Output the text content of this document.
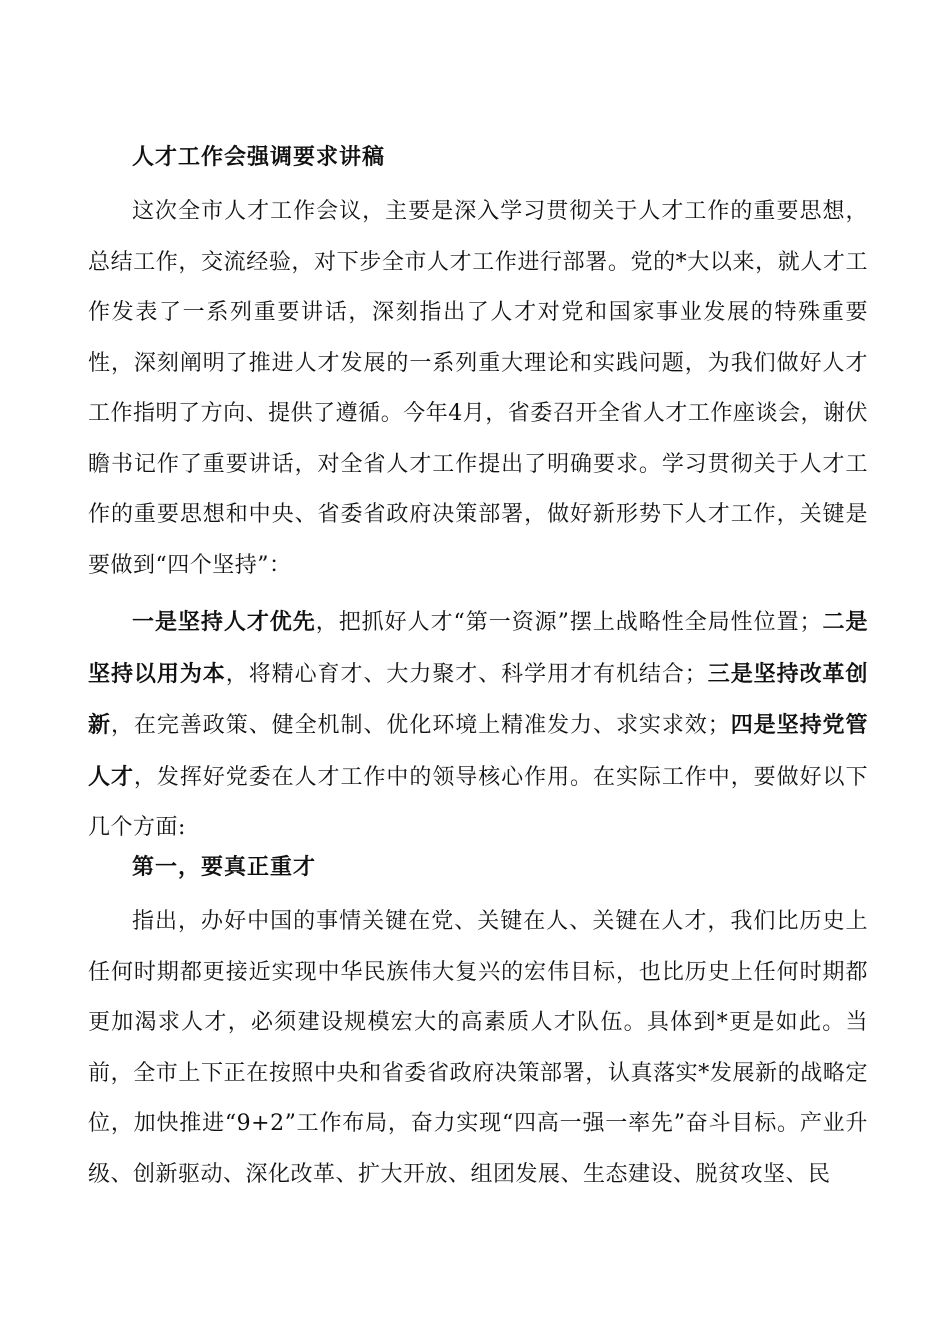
人才工作会强调要求讲稿

这次全市人才工作会议，主要是深入学习贯彻关于人才工作的重要思想，总结工作，交流经验，对下步全市人才工作进行部署。党的*大以来，就人才工作发表了一系列重要讲话，深刻指出了人才对党和国家事业发展的特殊重要性，深刻阐明了推进人才发展的一系列重大理论和实践问题，为我们做好人才工作指明了方向、提供了遵循。今年4月，省委召开全省人才工作座谈会，谢伏瞻书记作了重要讲话，对全省人才工作提出了明确要求。学习贯彻关于人才工作的重要思想和中央、省委省政府决策部署，做好新形势下人才工作，关键是要做到“四个坚持”：

一是坚持人才优先，把抓好人才“第一资源”摆上战略性全局性位置；二是坚持以用为本，将精心育才、大力聚才、科学用才有机结合；三是坚持改革创新，在完善政策、健全机制、优化环境上精准发力、求实求效；四是坚持党管人才，发挥好党委在人才工作中的领导核心作用。在实际工作中，要做好以下几个方面:

第一，要真正重才

指出，办好中国的事情关键在党、关键在人、关键在人才，我们比历史上任何时期都更接近实现中华民族伟大复兴的宏伟目标，也比历史上任何时期都更加渴求人才，必须建设规模宏大的高素质人才队伍。具体到*更是如此。当前，全市上下正在按照中央和省委省政府决策部署，认真落实*发展新的战略定位，加快推进“9+2”工作布局，奋力实现“四高一强一率先”奋斗目标。产业升级、创新驱动、深化改革、扩大开放、组团发展、生态建设、脱贫攻坚、民
